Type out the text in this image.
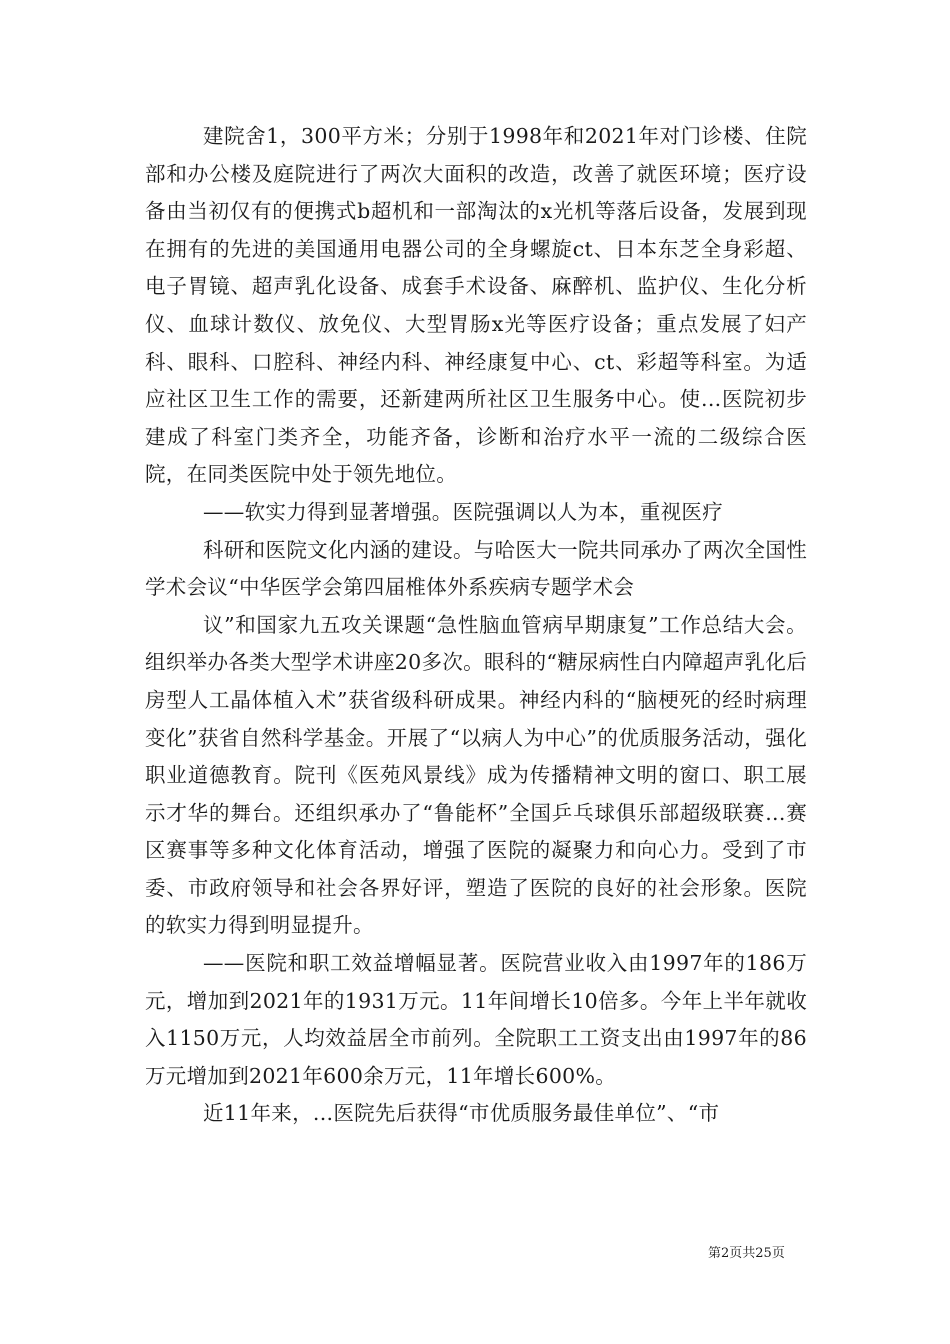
建院舍1，300平方米；分别于1998年和2021年对门诊楼、住院部和办公楼及庭院进行了两次大面积的改造，改善了就医环境；医疗设备由当初仅有的便携式b超机和一部淘汰的x光机等落后设备，发展到现在拥有的先进的美国通用电器公司的全身螺旋ct、日本东芝全身彩超、电子胃镜、超声乳化设备、成套手术设备、麻醉机、监护仪、生化分析仪、血球计数仪、放免仪、大型胃肠x光等医疗设备；重点发展了妇产科、眼科、口腔科、神经内科、神经康复中心、ct、彩超等科室。为适应社区卫生工作的需要，还新建两所社区卫生服务中心。使...医院初步建成了科室门类齐全，功能齐备，诊断和治疗水平一流的二级综合医院，在同类医院中处于领先地位。

——软实力得到显著增强。医院强调以人为本，重视医疗

科研和医院文化内涵的建设。与哈医大一院共同承办了两次全国性学术会议“中华医学会第四届椎体外系疾病专题学术会

议”和国家九五攻关课题“急性脑血管病早期康复”工作总结大会。组织举办各类大型学术讲座20多次。眼科的“糖尿病性白内障超声乳化后房型人工晶体植入术”获省级科研成果。神经内科的“脑梗死的经时病理变化”获省自然科学基金。开展了“以病人为中心”的优质服务活动，强化职业道德教育。院刊《医苑风景线》成为传播精神文明的窗口、职工展示才华的舞台。还组织承办了“鲁能杯”全国乒乓球俱乐部超级联赛...赛区赛事等多种文化体育活动，增强了医院的凝聚力和向心力。受到了市委、市政府领导和社会各界好评，塑造了医院的良好的社会形象。医院的软实力得到明显提升。

——医院和职工效益增幅显著。医院营业收入由1997年的186万元，增加到2021年的1931万元。11年间增长10倍多。今年上半年就收入1150万元，人均效益居全市前列。全院职工工资支出由1997年的86万元增加到2021年600余万元，11年增长600%。

近11年来，...医院先后获得“市优质服务最佳单位”、“市

第2页共25页
